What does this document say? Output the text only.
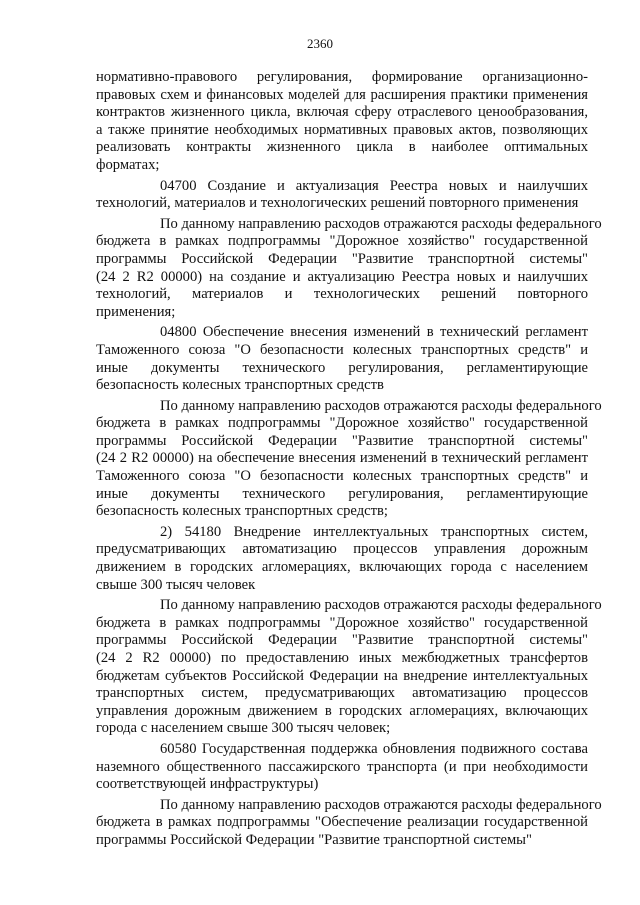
2360
нормативно-правового регулирования, формирование организационно-
правовых схем и финансовых моделей для расширения практики применения
контрактов жизненного цикла, включая сферу отраслевого ценообразования,
а также принятие необходимых нормативных правовых актов, позволяющих
реализовать контракты жизненного цикла в наиболее оптимальных
форматах;
04700 Создание и актуализация Реестра новых и наилучших
технологий, материалов и технологических решений повторного применения
По данному направлению расходов отражаются расходы федерального
бюджета в рамках подпрограммы "Дорожное хозяйство" государственной
программы Российской Федерации "Развитие транспортной системы"
(24 2 R2 00000) на создание и актуализацию Реестра новых и наилучших
технологий, материалов и технологических решений повторного
применения;
04800 Обеспечение внесения изменений в технический регламент
Таможенного союза "О безопасности колесных транспортных средств" и
иные документы технического регулирования, регламентирующие
безопасность колесных транспортных средств
По данному направлению расходов отражаются расходы федерального
бюджета в рамках подпрограммы "Дорожное хозяйство" государственной
программы Российской Федерации "Развитие транспортной системы"
(24 2 R2 00000) на обеспечение внесения изменений в технический регламент
Таможенного союза "О безопасности колесных транспортных средств" и
иные документы технического регулирования, регламентирующие
безопасность колесных транспортных средств;
2) 54180 Внедрение интеллектуальных транспортных систем,
предусматривающих автоматизацию процессов управления дорожным
движением в городских агломерациях, включающих города с населением
свыше 300 тысяч человек
По данному направлению расходов отражаются расходы федерального
бюджета в рамках подпрограммы "Дорожное хозяйство" государственной
программы Российской Федерации "Развитие транспортной системы"
(24 2 R2 00000) по предоставлению иных межбюджетных трансфертов
бюджетам субъектов Российской Федерации на внедрение интеллектуальных
транспортных систем, предусматривающих автоматизацию процессов
управления дорожным движением в городских агломерациях, включающих
города с населением свыше 300 тысяч человек;
60580 Государственная поддержка обновления подвижного состава
наземного общественного пассажирского транспорта (и при необходимости
соответствующей инфраструктуры)
По данному направлению расходов отражаются расходы федерального
бюджета в рамках подпрограммы "Обеспечение реализации государственной
программы Российской Федерации "Развитие транспортной системы"
